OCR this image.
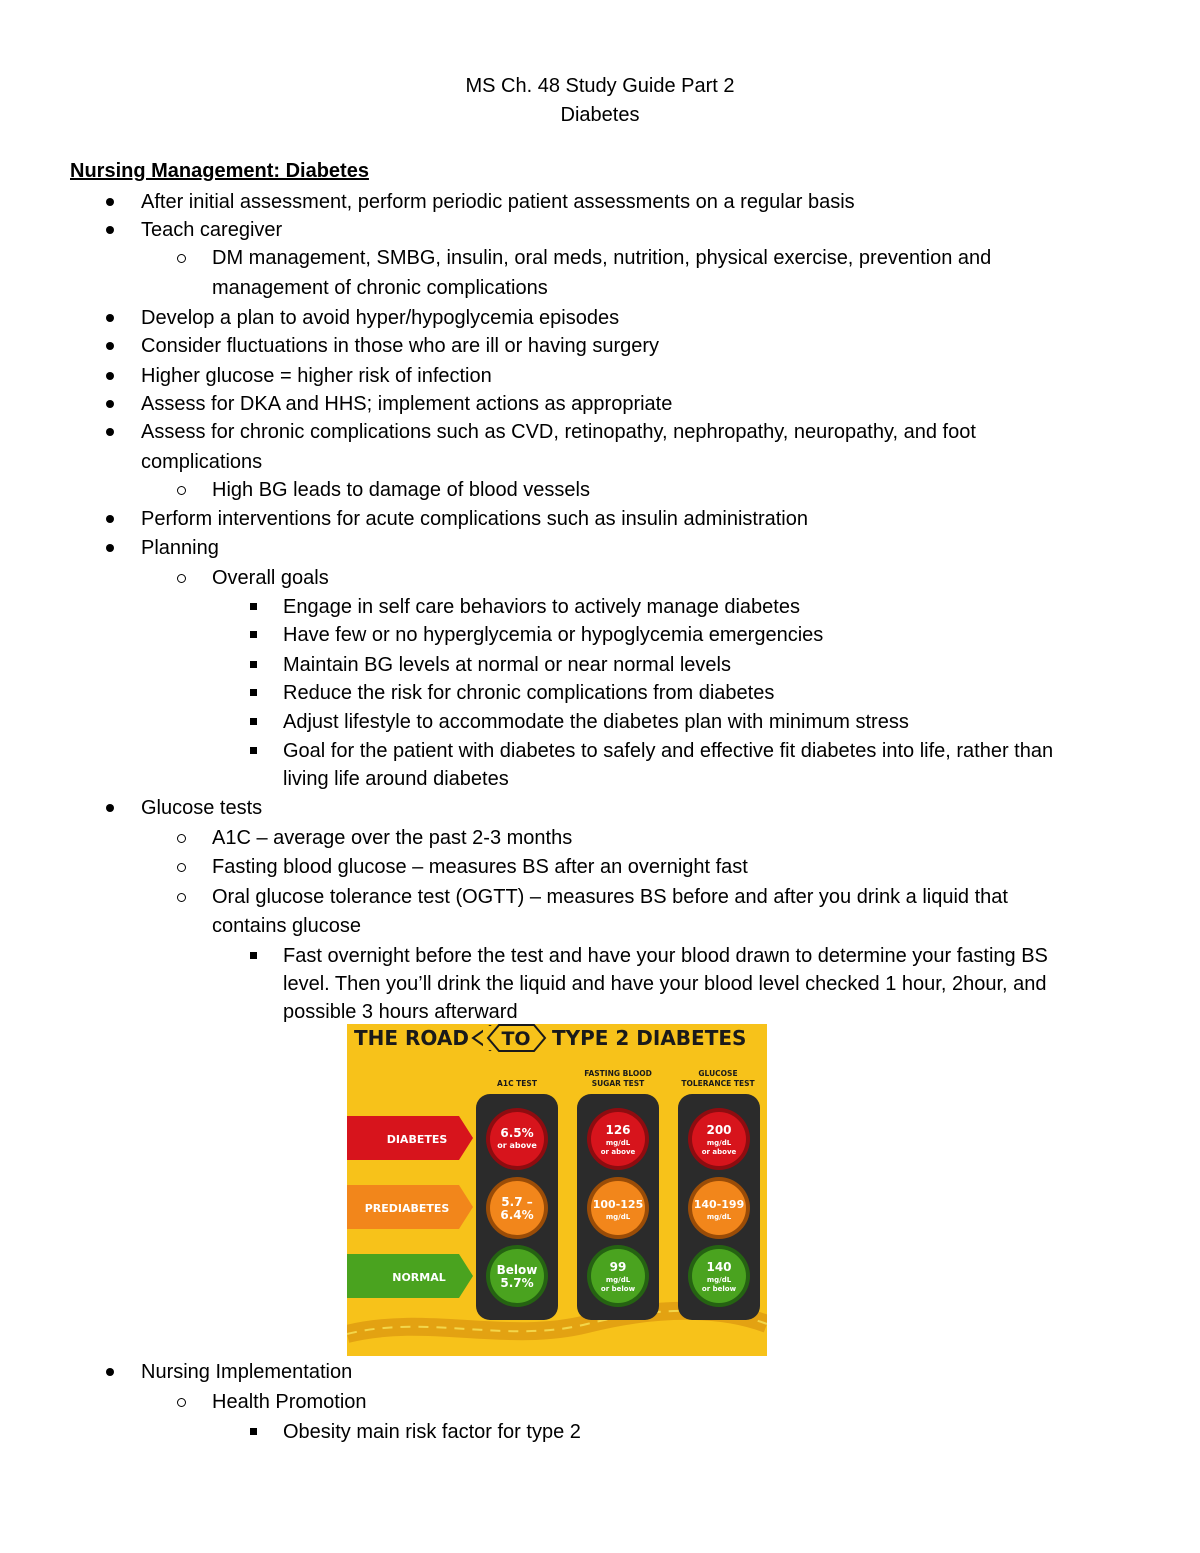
MS Ch. 48 Study Guide Part 2
Diabetes
Nursing Management: Diabetes
After initial assessment, perform periodic patient assessments on a regular basis
Teach caregiver
DM management, SMBG, insulin, oral meds, nutrition, physical exercise, prevention and
management of chronic complications
Develop a plan to avoid hyper/hypoglycemia episodes
Consider fluctuations in those who are ill or having surgery
Higher glucose = higher risk of infection
Assess for DKA and HHS; implement actions as appropriate
Assess for chronic complications such as CVD, retinopathy, nephropathy, neuropathy, and foot
complications
High BG leads to damage of blood vessels
Perform interventions for acute complications such as insulin administration
Planning
Overall goals
Engage in self care behaviors to actively manage diabetes
Have few or no hyperglycemia or hypoglycemia emergencies
Maintain BG levels at normal or near normal levels
Reduce the risk for chronic complications from diabetes
Adjust lifestyle to accommodate the diabetes plan with minimum stress
Goal for the patient with diabetes to safely and effective fit diabetes into life, rather than
living life around diabetes
Glucose tests
A1C – average over the past 2-3 months
Fasting blood glucose – measures BS after an overnight fast
Oral glucose tolerance test (OGTT) – measures BS before and after you drink a liquid that
contains glucose
Fast overnight before the test and have your blood drawn to determine your fasting BS
level. Then you’ll drink the liquid and have your blood level checked 1 hour, 2hour, and
possible 3 hours afterward
THE ROAD TO TYPE 2 DIABETES
A1C TEST
FASTING BLOOD
SUGAR TEST
GLUCOSE
TOLERANCE TEST
DIABETES
PREDIABETES
NORMAL
6.5%
or above
5.7 –
6.4%
Below
5.7%
126
mg/dL
or above
100-125
mg/dL
99
mg/dL
or below
200
mg/dL
or above
140-199
mg/dL
140
mg/dL
or below
Nursing Implementation
Health Promotion
Obesity main risk factor for type 2
